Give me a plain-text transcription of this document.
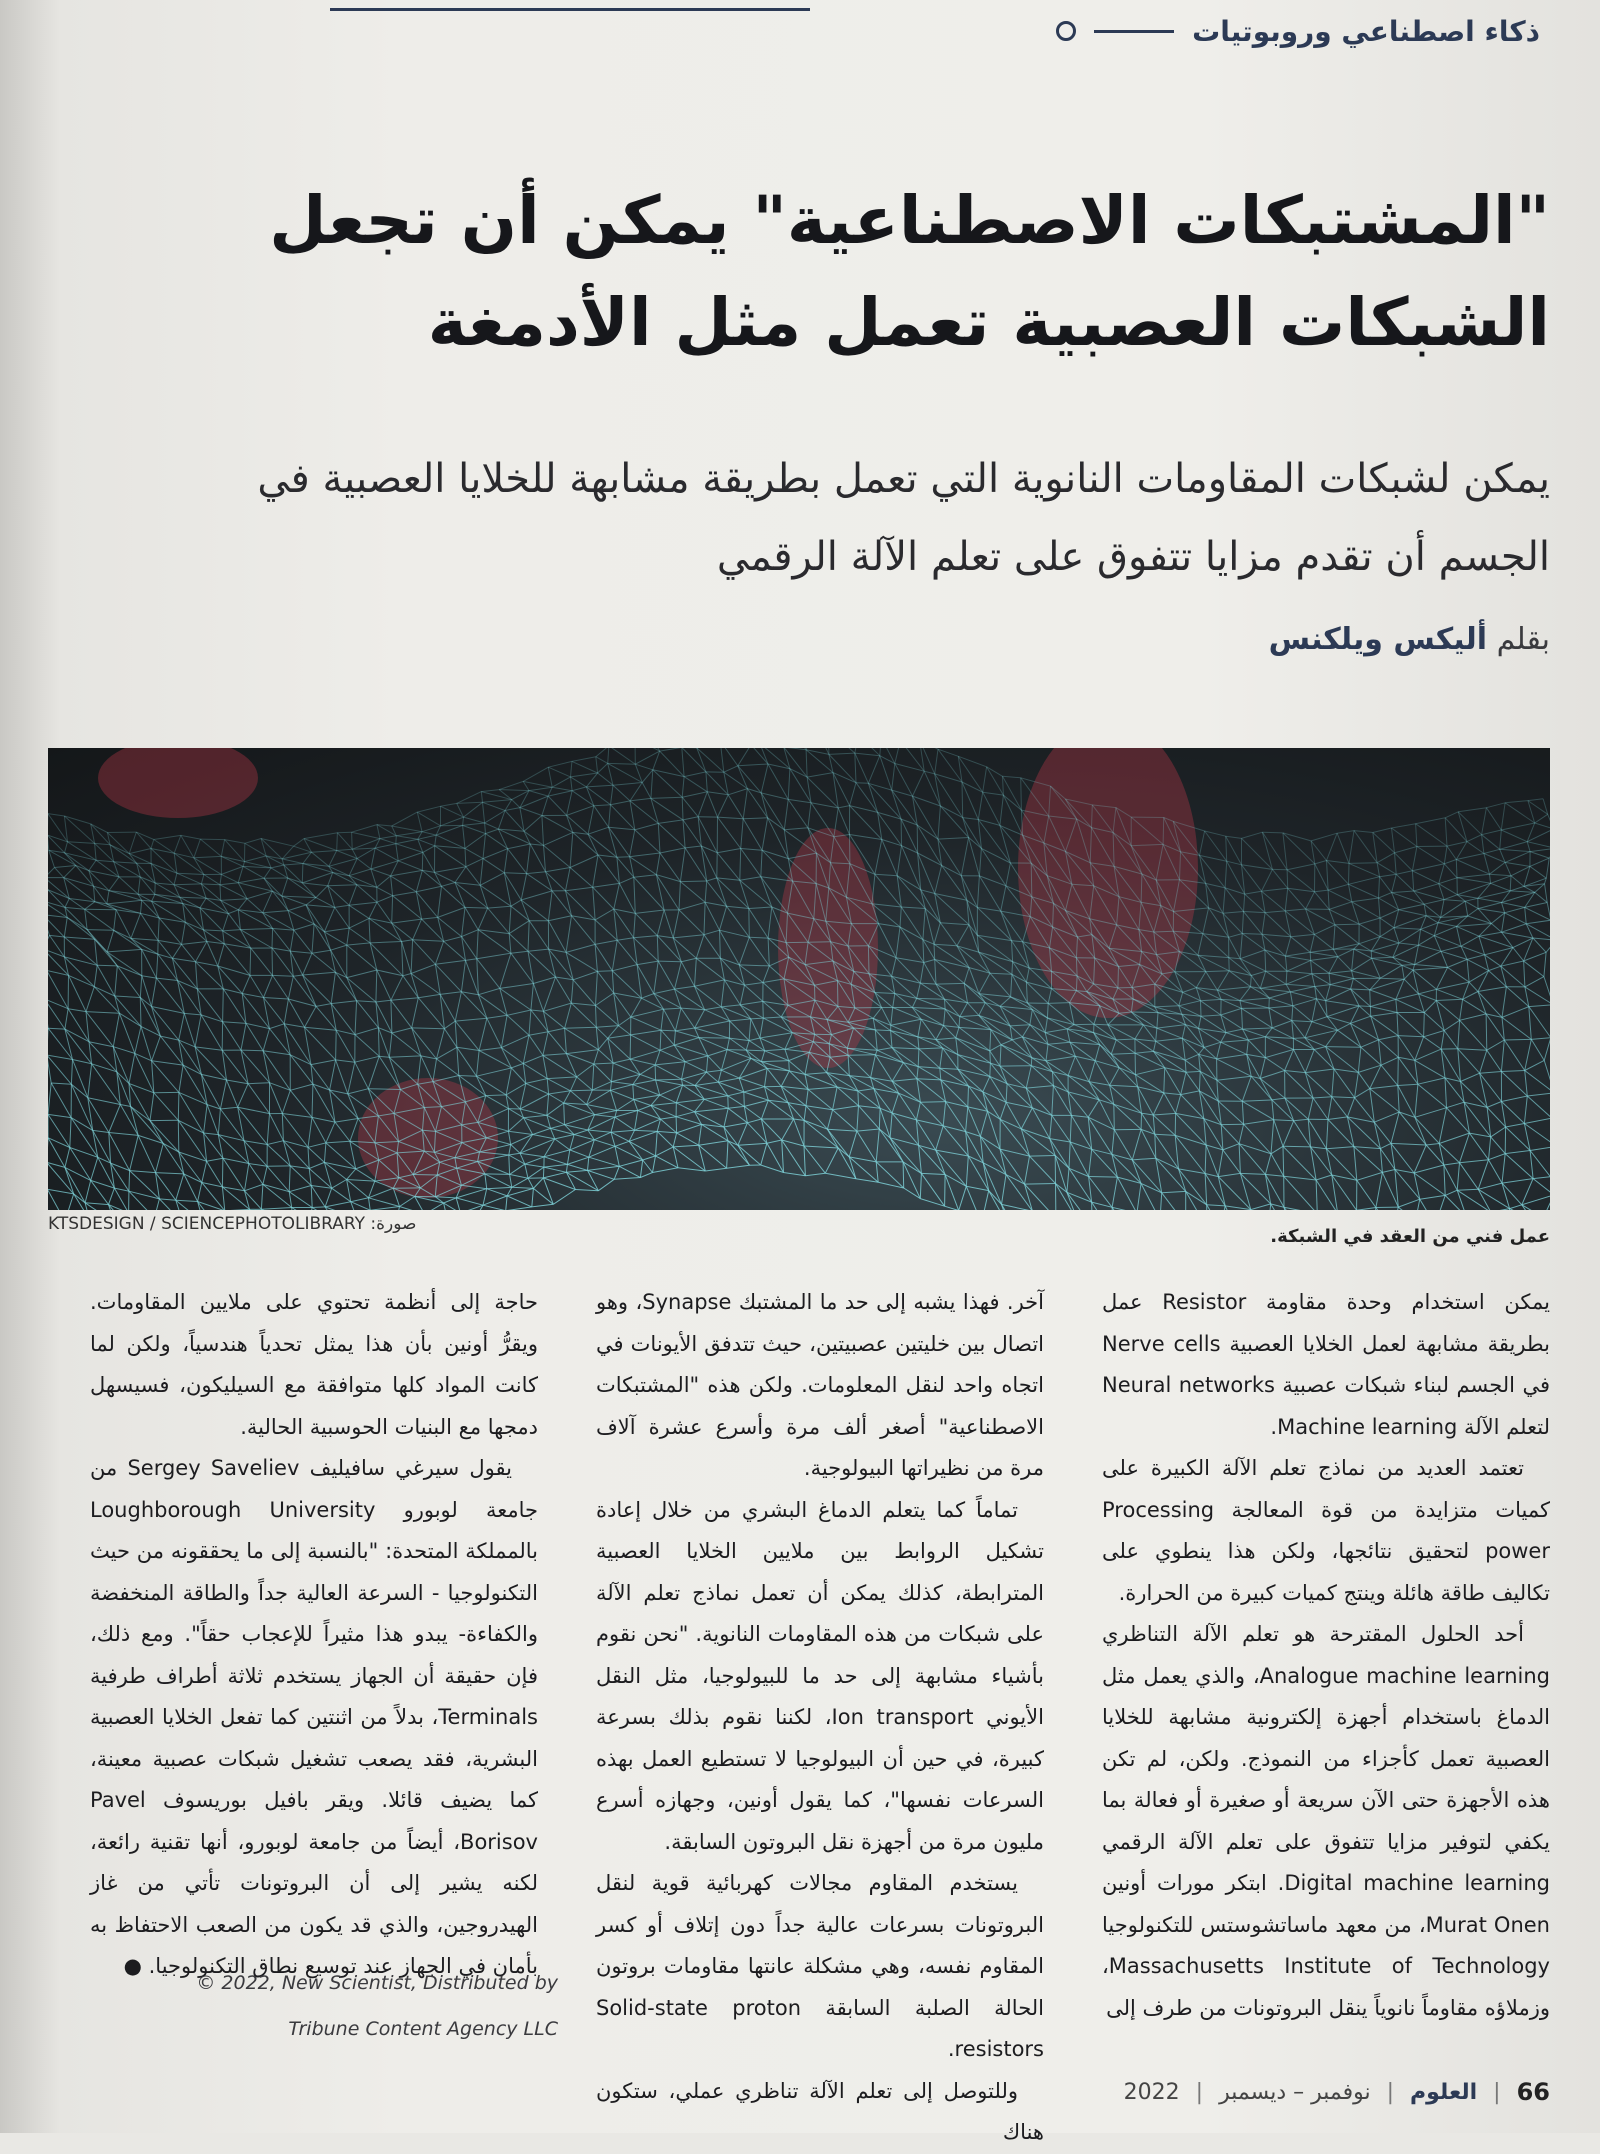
ذكاء اصطناعي وروبوتيات
"المشتبكات الاصطناعية" يمكن أن تجعل الشبكات العصبية تعمل مثل الأدمغة
يمكن لشبكات المقاومات النانوية التي تعمل بطريقة مشابهة للخلايا العصبية في الجسم أن تقدم مزايا تتفوق على تعلم الآلة الرقمي
بقلم أليكس ويلكنس
KTSDESIGN / SCIENCEPHOTOLIBRARY :صورة
عمل فني من العقد في الشبكة.

يمكن استخدام وحدة مقاومة Resistor عمل بطريقة مشابهة لعمل الخلايا العصبية Nerve cells في الجسم لبناء شبكات عصبية Neural networks لتعلم الآلة Machine learning.

تعتمد العديد من نماذج تعلم الآلة الكبيرة على كميات متزايدة من قوة المعالجة Processing power لتحقيق نتائجها، ولكن هذا ينطوي على تكاليف طاقة هائلة وينتج كميات كبيرة من الحرارة.

أحد الحلول المقترحة هو تعلم الآلة التناظري Analogue machine learning، والذي يعمل مثل الدماغ باستخدام أجهزة إلكترونية مشابهة للخلايا العصبية تعمل كأجزاء من النموذج. ولكن، لم تكن هذه الأجهزة حتى الآن سريعة أو صغيرة أو فعالة بما يكفي لتوفير مزايا تتفوق على تعلم الآلة الرقمي Digital machine learning. ابتكر مورات أونين Murat Onen، من معهد ماساتشوستس للتكنولوجيا Massachusetts Institute of Technology، وزملاؤه مقاوماً نانوياً ينقل البروتونات من طرف إلى

آخر. فهذا يشبه إلى حد ما المشتبك Synapse، وهو اتصال بين خليتين عصبيتين، حيث تتدفق الأيونات في اتجاه واحد لنقل المعلومات. ولكن هذه "المشتبكات الاصطناعية" أصغر ألف مرة وأسرع عشرة آلاف مرة من نظيراتها البيولوجية.

تماماً كما يتعلم الدماغ البشري من خلال إعادة تشكيل الروابط بين ملايين الخلايا العصبية المترابطة، كذلك يمكن أن تعمل نماذج تعلم الآلة على شبكات من هذه المقاومات النانوية. "نحن نقوم بأشياء مشابهة إلى حد ما للبيولوجيا، مثل النقل الأيوني Ion transport، لكننا نقوم بذلك بسرعة كبيرة، في حين أن البيولوجيا لا تستطيع العمل بهذه السرعات نفسها"، كما يقول أونين، وجهازه أسرع مليون مرة من أجهزة نقل البروتون السابقة.

يستخدم المقاوم مجالات كهربائية قوية لنقل البروتونات بسرعات عالية جداً دون إتلاف أو كسر المقاوم نفسه، وهي مشكلة عانتها مقاومات بروتون الحالة الصلبة السابقة Solid-state proton resistors.

وللتوصل إلى تعلم الآلة تناظري عملي، ستكون هناك

حاجة إلى أنظمة تحتوي على ملايين المقاومات. ويقرُّ أونين بأن هذا يمثل تحدياً هندسياً، ولكن لما كانت المواد كلها متوافقة مع السيليكون، فسيسهل دمجها مع البنيات الحوسبية الحالية.

يقول سيرغي سافيليف Sergey Saveliev من جامعة لوبورو Loughborough University بالمملكة المتحدة: "بالنسبة إلى ما يحققونه من حيث التكنولوجيا - السرعة العالية جداً والطاقة المنخفضة والكفاءة- يبدو هذا مثيراً للإعجاب حقاً". ومع ذلك، فإن حقيقة أن الجهاز يستخدم ثلاثة أطراف طرفية Terminals، بدلاً من اثنتين كما تفعل الخلايا العصبية البشرية، فقد يصعب تشغيل شبكات عصبية معينة، كما يضيف قائلا. ويقر بافيل بوريسوف Pavel Borisov، أيضاً من جامعة لوبورو، أنها تقنية رائعة، لكنه يشير إلى أن البروتونات تأتي من غاز الهيدروجين، والذي قد يكون من الصعب الاحتفاظ به بأمان في الجهاز عند توسيع نطاق التكنولوجيا. ●

© 2022, New Scientist, Distributed by
Tribune Content Agency LLC
66
|
العلوم
|
نوفمبر – ديسمبر
|
2022
